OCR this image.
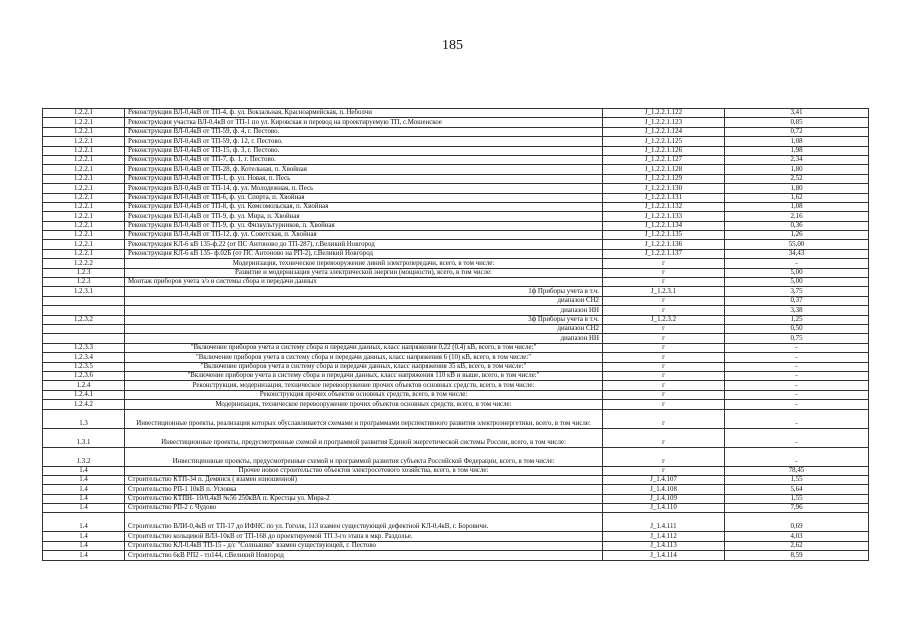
185
1.2.2.1	Реконструкция ВЛ-0,4кВ от ТП-4, ф. ул. Вокзальная, Красноармейская, п. Неболчи	J_1.2.2.1.122	3,41
1.2.2.1	Реконструкция участка ВЛ-0,4кВ от ТП-1 по ул. Кировская и перевод на проектируемую ТП, с.Мошенское	J_1.2.2.1.123	0,85
1.2.2.1	Реконструкция ВЛ-0,4кВ от ТП-59, ф. 4, г. Пестово.	J_1.2.2.1.124	0,72
1.2.2.1	Реконструкция ВЛ-0,4кВ от ТП-59, ф. 12, г. Пестово.	J_1.2.2.1.125	1,08
1.2.2.1	Реконструкция ВЛ-0,4кВ от ТП-15, ф. 3, г. Пестово.	J_1.2.2.1.126	1,98
1.2.2.1	Реконструкция ВЛ-0,4кВ от ТП-7, ф. 1, г. Пестово.	J_1.2.2.1.127	2,34
1.2.2.1	Реконструкция ВЛ-0,4кВ от ТП-28, ф. Котельная, п. Хвойная	J_1.2.2.1.128	1,80
1.2.2.1	Реконструкция ВЛ-0,4кВ от ТП-1, ф. ул. Новая, п. Песь	J_1.2.2.1.129	2,52
1.2.2.1	Реконструкция ВЛ-0,4кВ от ТП-14, ф. ул. Молодежная, п. Песь	J_1.2.2.1.130	1,80
1.2.2.1	Реконструкция ВЛ-0,4кВ от ТП-6, ф. ул. Спорта, п. Хвойная	J_1.2.2.1.131	1,62
1.2.2.1	Реконструкция ВЛ-0,4кВ от ТП-8, ф. ул. Комсомольская, п. Хвойная	J_1.2.2.1.132	1,08
1.2.2.1	Реконструкция ВЛ-0,4кВ от ТП-9, ф. ул. Мира, п. Хвойная	J_1.2.2.1.133	2,16
1.2.2.1	Реконструкция ВЛ-0,4кВ от ТП-9, ф. ул. Физкультурников, п. Хвойная	J_1.2.2.1.134	0,36
1.2.2.1	Реконструкция ВЛ-0,4кВ от ТП-12, ф. ул. Советская, п. Хвойная	J_1.2.2.1.135	1,26
1.2.2.1	Реконструкция КЛ-6 кВ 135-ф.22 (от ПС Антоново до ТП-287), г.Великий Новгород	J_1.2.2.1.136	55,00
1.2.2.1	Реконструкция КЛ-6 кВ 135- ф.02Б (от ПС Антоново на РП-2), г.Великий Новгород	J_1.2.2.1.137	34,43
1.2.2.2	Модернизация, техническое перевооружение линий электропередачи, всего, в том числе:	г	-
1.2.3	Развитие и модернизация учета электрической энергии (мощности), всего, в том числе:	г	5,00
1.2.3	Монтаж приборов учета э/э и системы сбора и передачи данных	г	5,00
1.2.3.1	1ф Приборы учета в т.ч.	J_1.2.3.1	3,75
	диапазон СН2	г	0,37
	диапазон НН	г	3,38
1.2.3.2	3ф Приборы учета в т.ч.	J_1.2.3.2	1,25
	диапазон СН2	г	0,50
	диапазон НН	г	0,75
1.2.3.3	"Включение приборов учета в систему сбора и передачи данных, класс напряжения 0,22 (0,4) кВ, всего, в том числе:"	г	-
1.2.3.4	"Включение приборов учета в систему сбора и передачи данных, класс напряжения 6 (10) кВ, всего, в том числе:"	г	-
1.2.3.5	"Включение приборов учета в систему сбора и передачи данных, класс напряжения 35 кВ, всего, в том числе:"	г	-
1.2.3.6	"Включение приборов учета в систему сбора и передачи данных, класс напряжения 110 кВ и выше, всего, в том числе:"	г	-
1.2.4	Реконструкция, модернизация, техническое перевооружение прочих объектов основных средств, всего, в том числе:	г	-
1.2.4.1	Реконструкция прочих объектов основных средств, всего, в том числе:	г	-
1.2.4.2	Модернизация, техническое перевооружение прочих объектов основных средств, всего, в том числе:	г	-
1.3	Инвестиционные проекты, реализация которых обуславливается схемами и программами перспективного развития электроэнергетики, всего, в том числе:	г	-
1.3.1	Инвестиционные проекты, предусмотренные схемой и программой развития Единой энергетической системы России, всего, в том числе:	г	-
1.3.2	Инвестиционные проекты, предусмотренные схемой и программой развития субъекта Российской Федерации, всего, в том числе:	г	-
1.4	Прочее новое строительство объектов электросетевого хозяйства, всего, в том числе:	г	78,45
1.4	Строительство КТП-34 п. Демянск ( взамен изношенной)	J_1.4.107	1,55
1.4	Строительство РП-1 10кВ п. Угловка	J_1.4.108	5,64
1.4	Строительство КТПН- 10/0,4кВ №56 250кВА п. Крестцы ул. Мира-2	J_1.4.109	1,55
1.4	Строительство РП-2 г. Чудово	J_1.4.110	7,96
1.4	Строительство ВЛИ-0,4кВ от ТП-17 до ИФНС по ул. Гоголя, 113 взамен существующей дефектной КЛ-0,4кВ, г. Боровичи.	J_1.4.111	0,69
1.4	Строительство кольцевой ВЛЗ-10кВ от ТП-168 до проектируемой ТП 3-го этапа в мкр. Раздолье.	J_1.4.112	4,03
1.4	Строительство КЛ-0,4кВ ТП-15 - д/с "Солнышко" взамен существующей, г. Пестово	J_1.4.113	2,62
1.4	Строительство 6кВ РП2 - тп144, г.Великий Новгород	J_1.4.114	8,59
